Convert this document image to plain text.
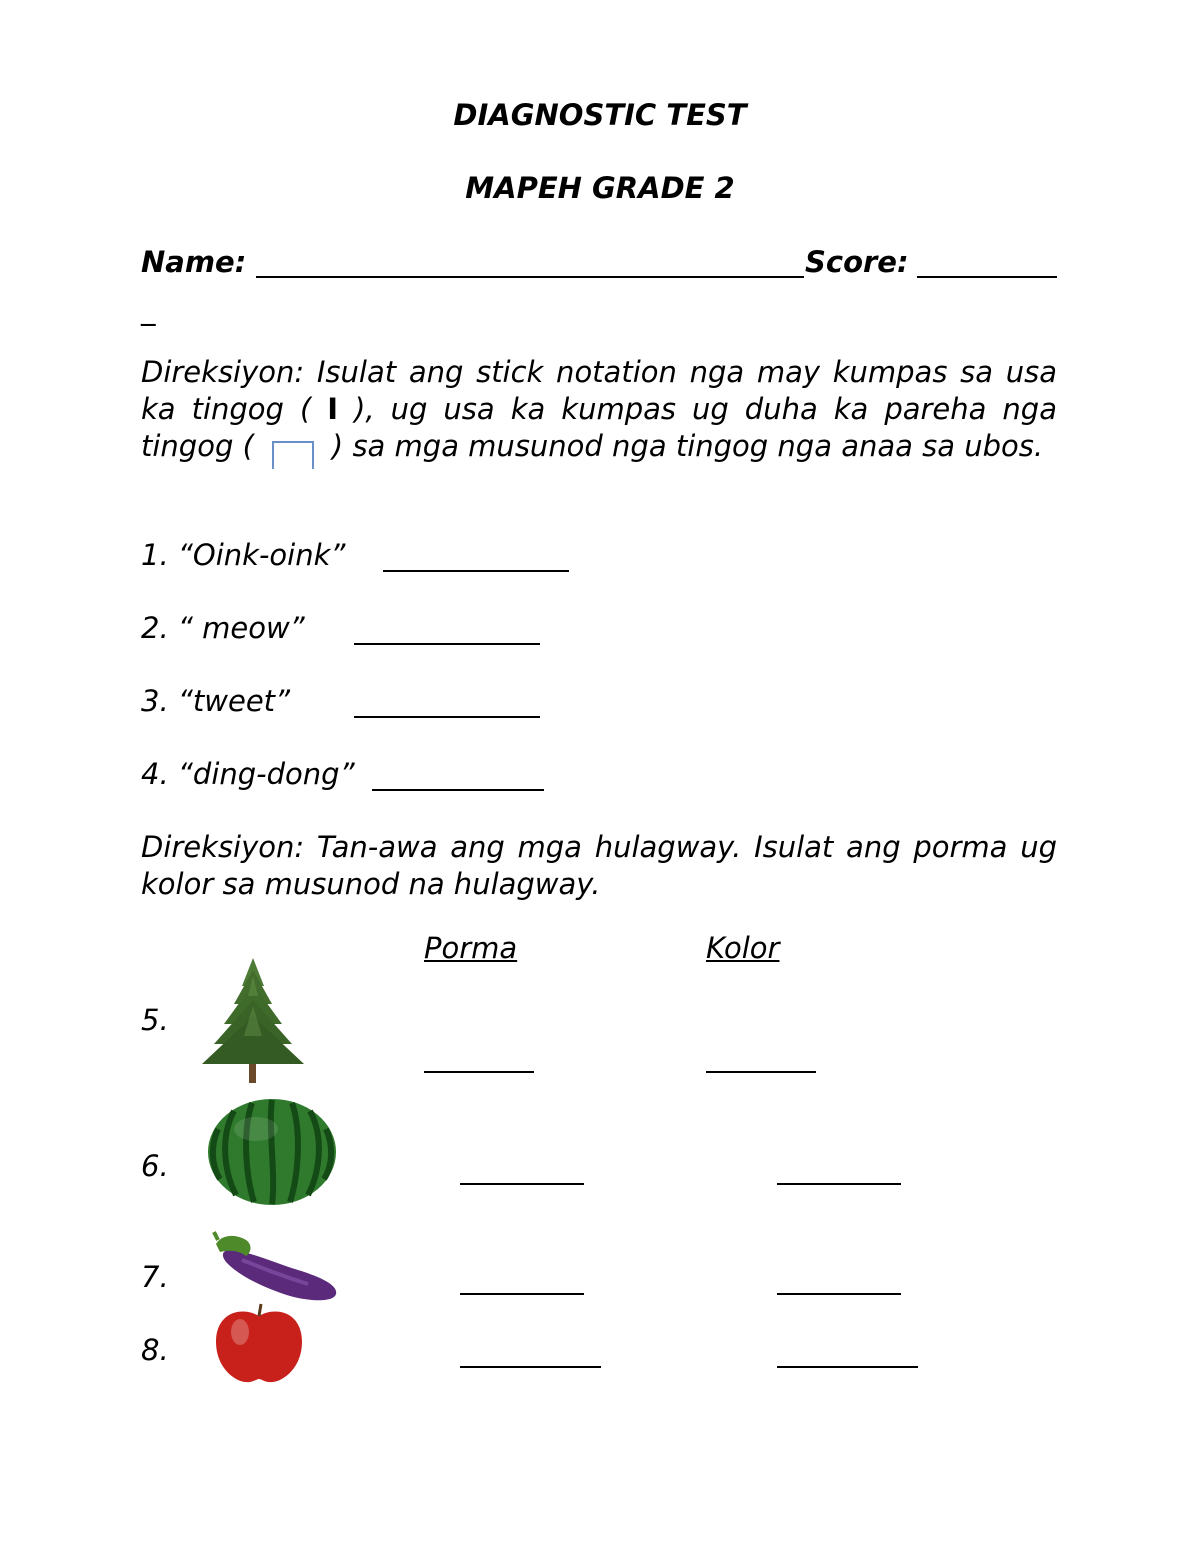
DIAGNOSTIC TEST
MAPEH GRADE 2
Name:	Score:
_
Direksiyon: Isulat ang stick notation nga may kumpas sa usa ka tingog ( I ), ug usa ka kumpas ug duha ka pareha nga tingog (	) sa mga musunod nga tingog nga anaa sa ubos.
1. “Oink-oink”
2. “ meow”
3. “tweet”
4. “ding-dong”
Direksiyon: Tan-awa ang mga hulagway. Isulat ang porma ug kolor sa musunod na hulagway.
Porma	Kolor
5.
6.
7.
8.
